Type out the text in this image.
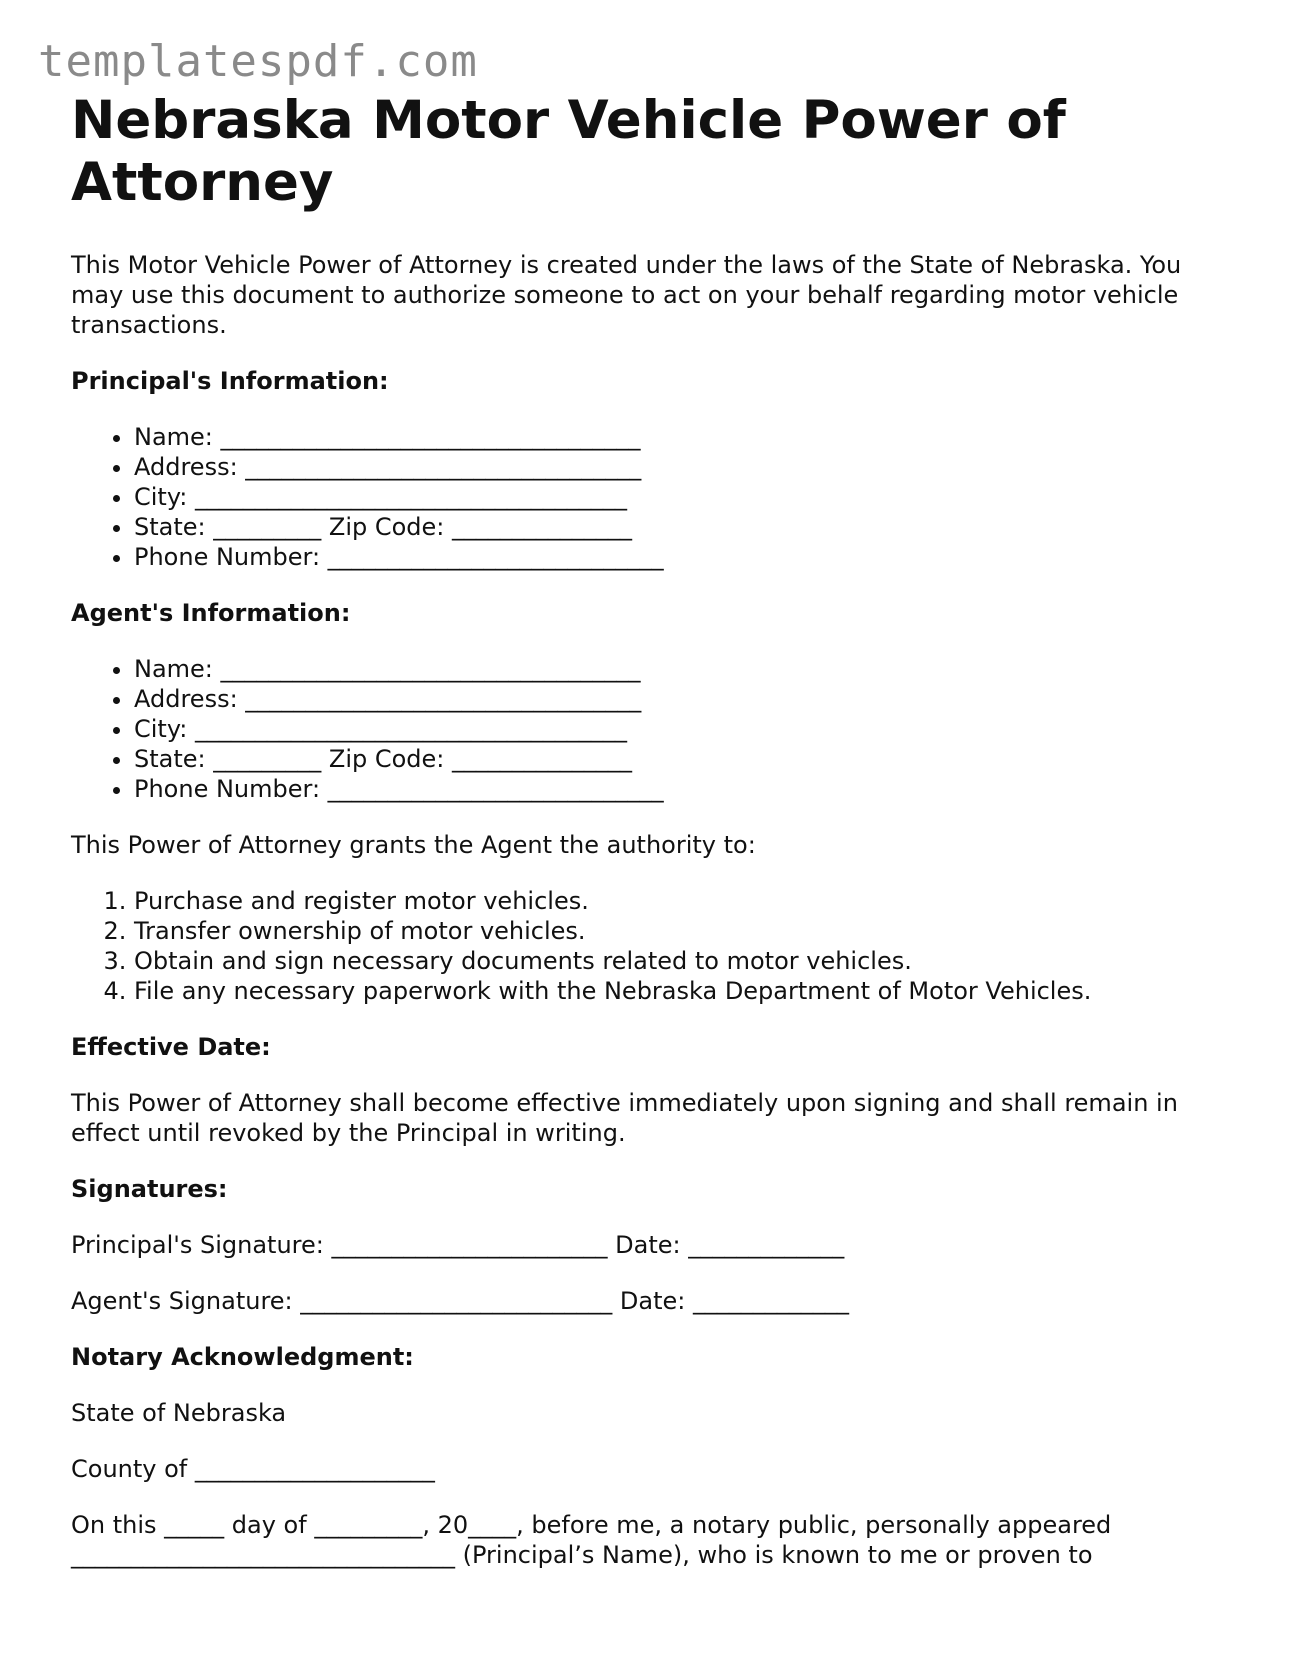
templatespdf.com
Nebraska Motor Vehicle Power of Attorney

This Motor Vehicle Power of Attorney is created under the laws of the State of Nebraska. You may use this document to authorize someone to act on your behalf regarding motor vehicle transactions.

Principal's Information:
• Name: ___________________________________
• Address: _________________________________
• City: ____________________________________
• State: _________ Zip Code: _______________
• Phone Number: ____________________________
Agent's Information:
• Name: ___________________________________
• Address: _________________________________
• City: ____________________________________
• State: _________ Zip Code: _______________
• Phone Number: ____________________________

This Power of Attorney grants the Agent the authority to:

1. Purchase and register motor vehicles.
2. Transfer ownership of motor vehicles.
3. Obtain and sign necessary documents related to motor vehicles.
4. File any necessary paperwork with the Nebraska Department of Motor Vehicles.
Effective Date:

This Power of Attorney shall become effective immediately upon signing and shall remain in effect until revoked by the Principal in writing.

Signatures:

Principal's Signature: _______________________ Date: _____________

Agent's Signature: __________________________ Date: _____________

Notary Acknowledgment:

State of Nebraska

County of ____________________

On this _____ day of _________, 20____, before me, a notary public, personally appeared ________________________________ (Principal’s Name), who is known to me or proven to
